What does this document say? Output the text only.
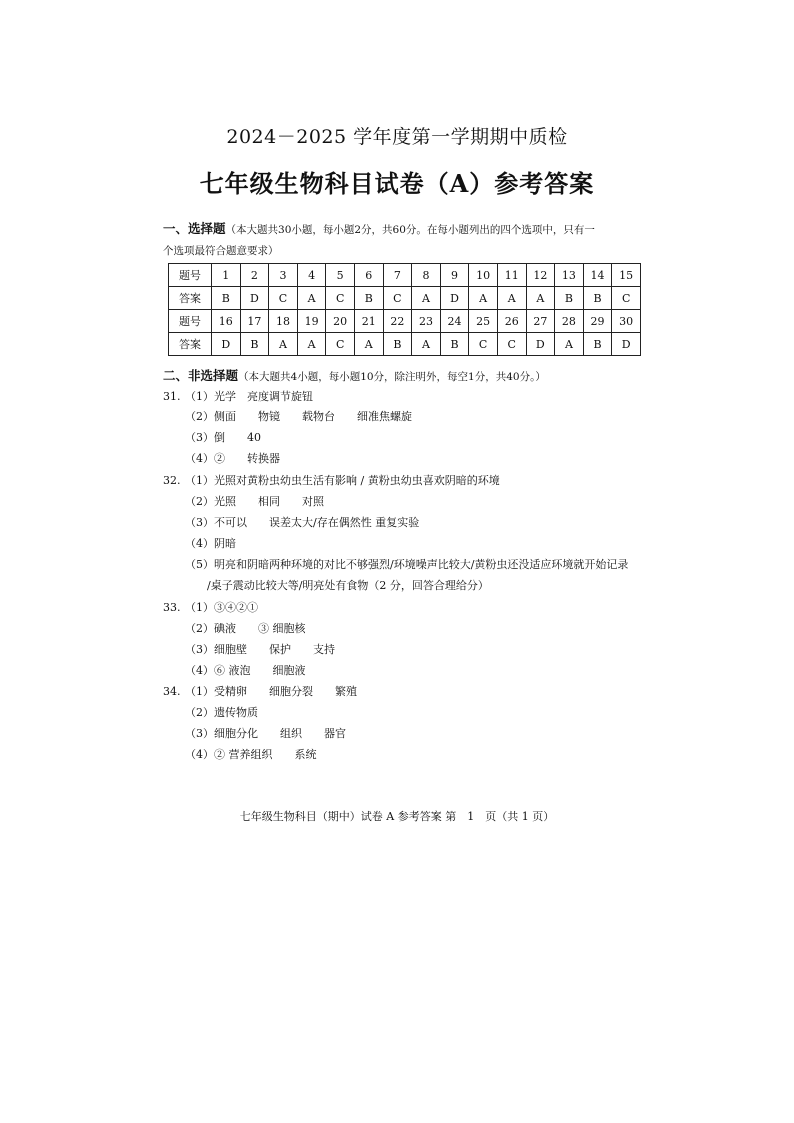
2024－2025 学年度第一学期期中质检
七年级生物科目试卷（A）参考答案
一、选择题（本大题共30小题，每小题2分，共60分。在每小题列出的四个选项中，只有一
个选项最符合题意要求）
题号	1	2	3	4	5	6	7	8	9	10	11	12	13	14	15
答案	B	D	C	A	C	B	C	A	D	A	A	A	B	B	C
题号	16	17	18	19	20	21	22	23	24	25	26	27	28	29	30
答案	D	B	A	A	C	A	B	A	B	C	C	D	A	B	D
二、非选择题（本大题共4小题，每小题10分，除注明外，每空1分，共40分。）
31. （1）光学　亮度调节旋钮
（2）侧面　　物镜　　载物台　　细准焦螺旋
（3）倒　　40
（4）②　　转换器
32. （1）光照对黄粉虫幼虫生活有影响 / 黄粉虫幼虫喜欢阴暗的环境
（2）光照　　相同　　对照
（3）不可以　　误差太大/存在偶然性 重复实验
（4）阴暗
（5）明亮和阴暗两种环境的对比不够强烈/环境噪声比较大/黄粉虫还没适应环境就开始记录
/桌子震动比较大等/明亮处有食物（2 分，回答合理给分）
33. （1）③④②①
（2）碘液　　③ 细胞核
（3）细胞壁　　保护　　支持
（4）⑥ 液泡　　细胞液
34. （1）受精卵　　细胞分裂　　繁殖
（2）遗传物质
（3）细胞分化　　组织　　器官
（4）② 营养组织　　系统
七年级生物科目（期中）试卷 A 参考答案 第　1　页（共 1 页）
